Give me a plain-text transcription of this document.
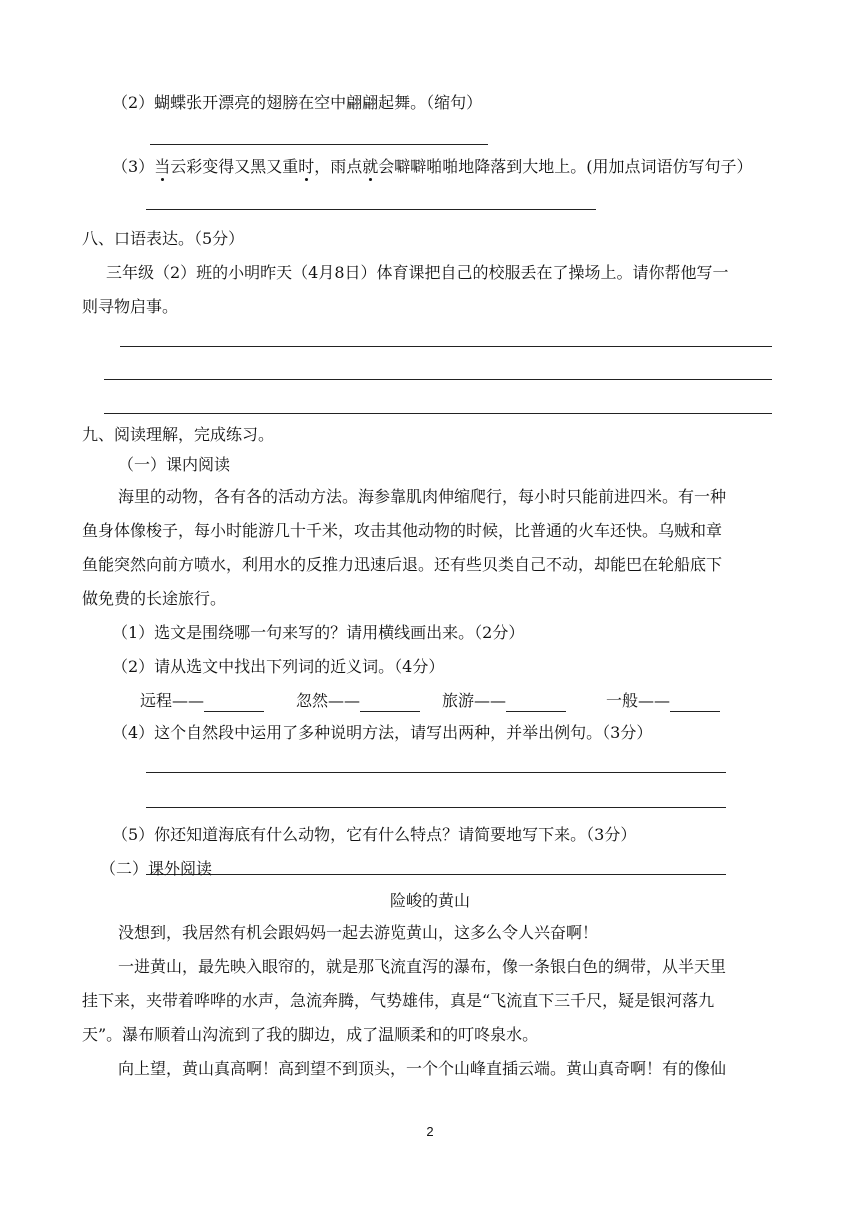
（2）蝴蝶张开漂亮的翅膀在空中翩翩起舞。（缩句）
（3）当云彩变得又黑又重时，雨点就会噼噼啪啪地降落到大地上。(用加点词语仿写句子）
八、口语表达。（5分）
三年级（2）班的小明昨天（4月8日）体育课把自己的校服丢在了操场上。请你帮他写一
则寻物启事。
九、阅读理解，完成练习。
（一）课内阅读
海里的动物，各有各的活动方法。海参靠肌肉伸缩爬行，每小时只能前进四米。有一种
鱼身体像梭子，每小时能游几十千米，攻击其他动物的时候，比普通的火车还快。乌贼和章
鱼能突然向前方喷水，利用水的反推力迅速后退。还有些贝类自己不动，却能巴在轮船底下
做免费的长途旅行。
（1）选文是围绕哪一句来写的？请用横线画出来。（2分）
（2）请从选文中找出下列词的近义词。（4分）
远程——	忽然——	旅游——	一般——
（4）这个自然段中运用了多种说明方法，请写出两种，并举出例句。（3分）
（5）你还知道海底有什么动物，它有什么特点？请简要地写下来。（3分）
（二）课外阅读
险峻的黄山
没想到，我居然有机会跟妈妈一起去游览黄山，这多么令人兴奋啊！
一进黄山，最先映入眼帘的，就是那飞流直泻的瀑布，像一条银白色的绸带，从半天里
挂下来，夹带着哗哗的水声，急流奔腾，气势雄伟，真是“飞流直下三千尺，疑是银河落九
天”。瀑布顺着山沟流到了我的脚边，成了温顺柔和的叮咚泉水。
向上望，黄山真高啊！高到望不到顶头，一个个山峰直插云端。黄山真奇啊！有的像仙
2
